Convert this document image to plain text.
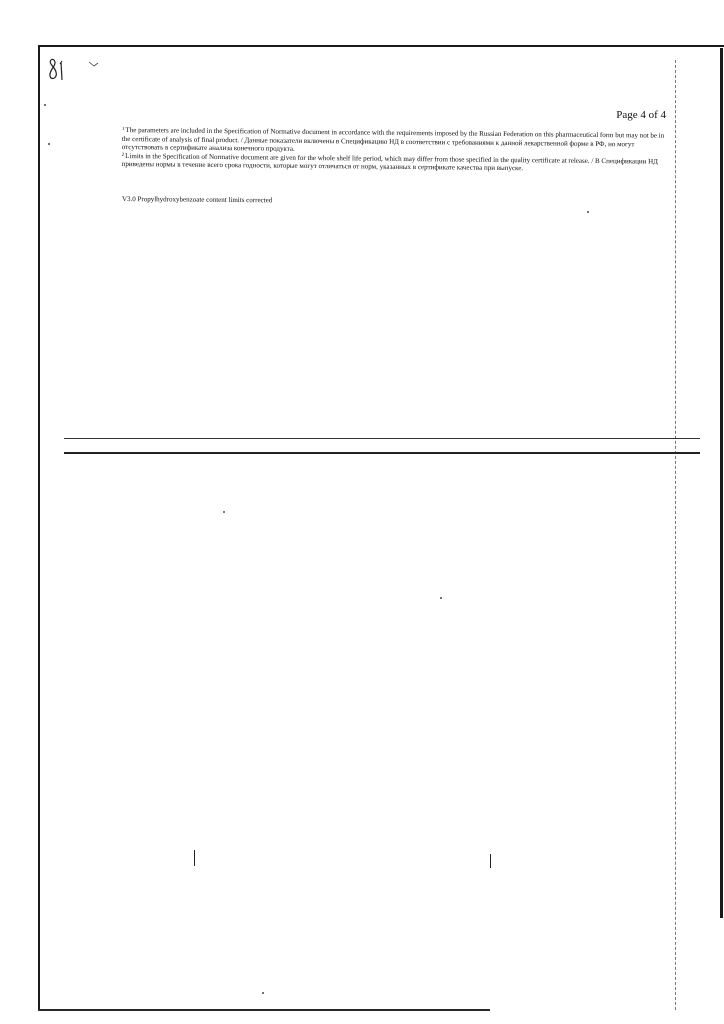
Page 4 of 4

$^1$The parameters are included in the Specification of Normative document in accordance with the requirements imposed by the Russian Federation on this pharmaceutical form but may not be in the certificate of analysis of final product. / Данные показатели включены в Спецификацию НД в соответствии с требованиями к данной лекарственной форме в РФ, но могут отсутствовать в сертификате анализа конечного продукта.

$^2$Limits in the Specification of Normative document are given for the whole shelf life period, which may differ from those specified in the quality certificate at release. / В Спецификации НД приведены нормы в течение всего срока годности, которые могут отличаться от норм, указанных в сертификате качества при выпуске.

V3.0 Propylhydroxybenzoate content limits corrected
